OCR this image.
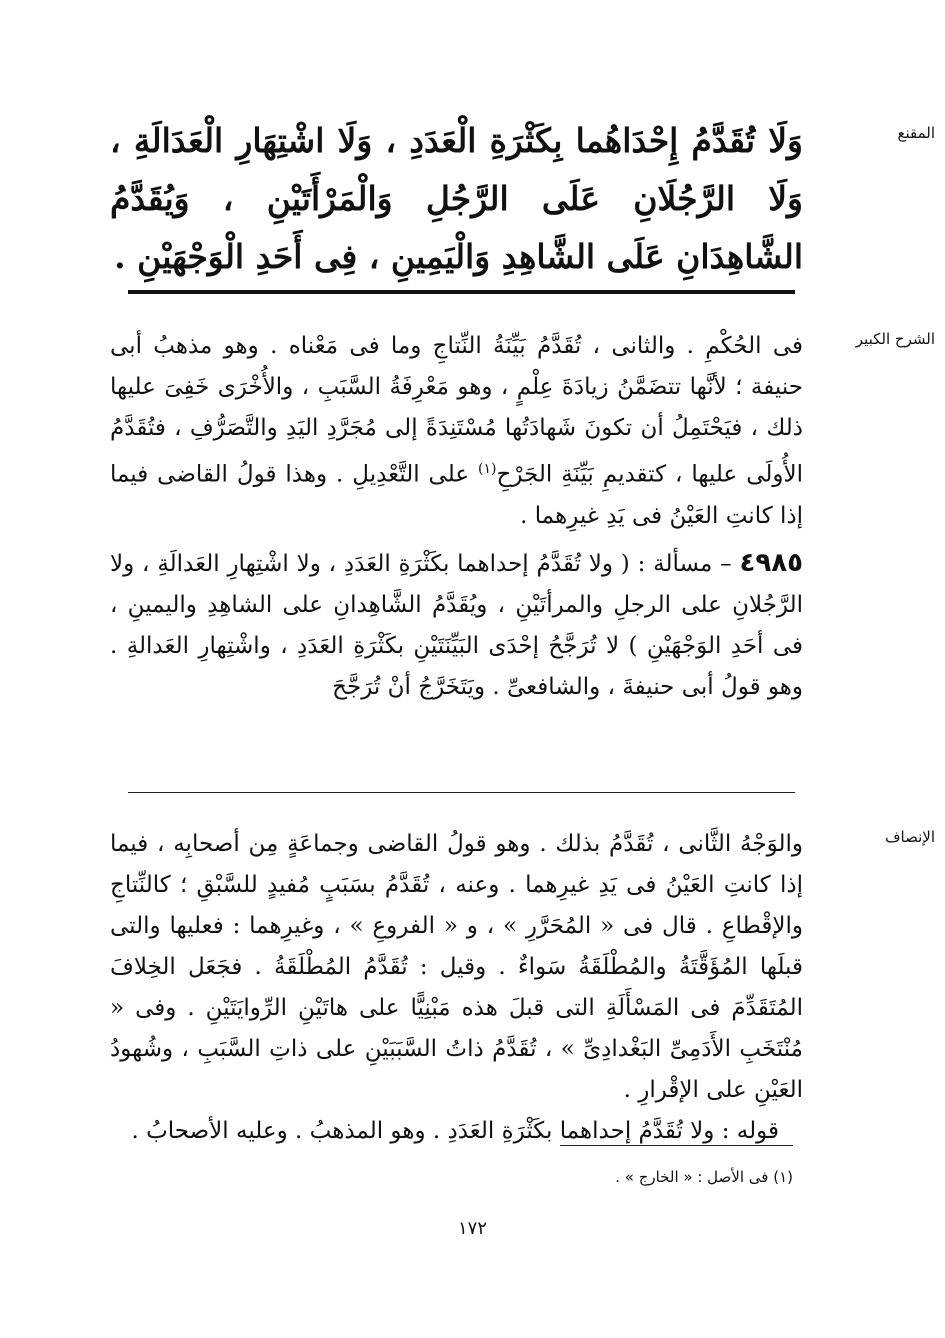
المقنع

وَلَا تُقَدَّمُ إِحْدَاهُما بِكَثْرَةِ الْعَدَدِ ، وَلَا اشْتِهَارِ الْعَدَالَةِ ، وَلَا الرَّجُلَانِ عَلَى الرَّجُلِ وَالْمَرْأَتَيْنِ ، وَيُقَدَّمُ الشَّاهِدَانِ عَلَى الشَّاهِدِ وَالْيَمِينِ ، فِى أَحَدِ الْوَجْهَيْنِ .

الشرح الكبير

فى الحُكْمِ . والثانى ، تُقَدَّمُ بَيِّنَةُ النِّتاجِ وما فى مَعْناه . وهو مذهبُ أبى حنيفة ؛ لأنَّها تتضَمَّنُ زيادَةَ عِلْمٍ ، وهو مَعْرِفَةُ السَّبَبِ ، والأُخْرَى خَفِىَ عليها ذلك ، فيَحْتَمِلُ أن تكونَ شَهادَتُها مُسْتَنِدَةً إلى مُجَرَّدِ اليَدِ والتَّصَرُّفِ ، فتُقَدَّمُ الأُولَى عليها ، كتقديمِ بَيِّنَةِ الجَرْحِ$^{(١)}$ على التَّعْدِيلِ . وهذا قولُ القاضى فيما إذا كانتِ العَيْنُ فى يَدِ غيرِهما .

٤٩٨٥ – مسألة : ( ولا تُقَدَّمُ إحداهما بكَثْرَةِ العَدَدِ ، ولا اشْتِهارِ العَدالَةِ ، ولا الرَّجُلانِ على الرجلِ والمرأتَيْنِ ، ويُقَدَّمُ الشَّاهِدانِ على الشاهِدِ واليمينِ ، فى أحَدِ الوَجْهَيْنِ ) لا تُرَجَّحُ إحْدَى البَيِّنَتَيْنِ بكَثْرَةِ العَدَدِ ، واشْتِهارِ العَدالةِ . وهو قولُ أبى حنيفةَ ، والشافعىِّ . ويَتَخَرَّجُ أنْ تُرَجَّحَ

الإنصاف

والوَجْهُ الثَّانى ، تُقَدَّمُ بذلك . وهو قولُ القاضى وجماعَةٍ مِن أصحابِه ، فيما إذا كانتِ العَيْنُ فى يَدِ غيرِهما . وعنه ، تُقَدَّمُ بسَبَبٍ مُفيدٍ للسَّبْقِ ؛ كالنِّتاجِ والإقْطاعِ . قال فى « المُحَرَّرِ » ، و « الفروعِ » ، وغيرِهما : فعليها والتى قبلَها المُؤَقَّتَةُ والمُطْلَقَةُ سَواءٌ . وقيل : تُقَدَّمُ المُطْلَقَةُ . فجَعَل الخِلافَ المُتَقَدِّمَ فى المَسْأَلَةِ التى قبلَ هذه مَبْنِيًّا على هاتَيْنِ الرِّوايَتَيْنِ . وفى « مُنْتَخَبِ الأَدَمِىِّ البَغْدادِىِّ » ، تُقَدَّمُ ذاتُ السَّبَبَيْنِ على ذاتِ السَّبَبِ ، وشُهودُ العَيْنِ على الإقْرارِ .

قوله : ولا تُقَدَّمُ إحداهما بكَثْرَةِ العَدَدِ . وهو المذهبُ . وعليه الأصحابُ .

(١) فى الأصل : « الخارج » .
١٧٢
